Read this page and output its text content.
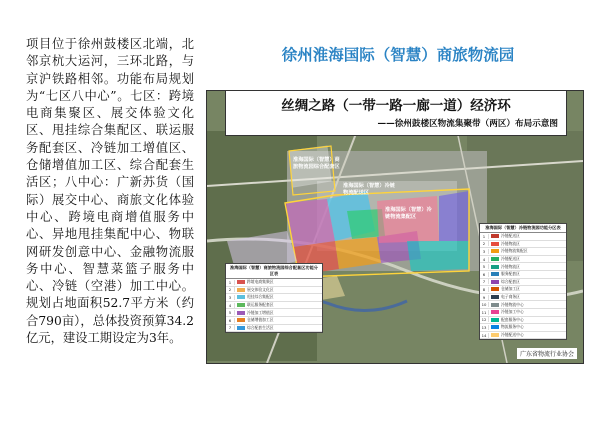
项目位于徐州鼓楼区北端，北邻京杭大运河，三环北路，与京沪铁路相邻。功能布局规划为“七区八中心”。七区：跨境电商集聚区、展交体验文化区、甩挂综合集配区、联运服务配套区、冷链加工增值区、仓储增值加工区、综合配套生活区；八中心：广新苏货（国际）展交中心、商旅文化体验中心、跨境电商增值服务中心、异地甩挂集配中心、物联网研发创意中心、金融物流服务中心、智慧菜篮子服务中心、冷链（空港）加工中心。规划占地面积52.7平方米（约合790亩），总体投资预算34.2亿元，建设工期设定为3年。
徐州淮海国际（智慧）商旅物流园
丝绸之路（一带一路一廊一道）经济环
——徐州鼓楼区物流集聚带（两区）布局示意图
淮海国际（智慧）商旅物流园综合配套区
淮海国际（智慧）冷链物流配送区
淮海国际（智慧）冷链物流集配区
淮海国际（智慧）商旅物流园综合配套区功能分区表
1	跨境电商集聚区
2	展交体验文化区
3	甩挂综合集配区
4	联运服务配套区
5	冷链加工增值区
6	仓储增值加工区
7	综合配套生活区
淮海国际（智慧）冷链物流园功能分区表
1	冷链配送区
2	冷链物流区
3	冷链物流集配区
4	冷链配送区
5	冷链物流区
6	服务配套区
7	综合配套区
8	仓储加工区
9	电子商务区
10	冷链物流中心
11	冷链加工中心
12	配套服务中心
13	物流服务中心
14	冷链配送中心
广东省物流行业协会
